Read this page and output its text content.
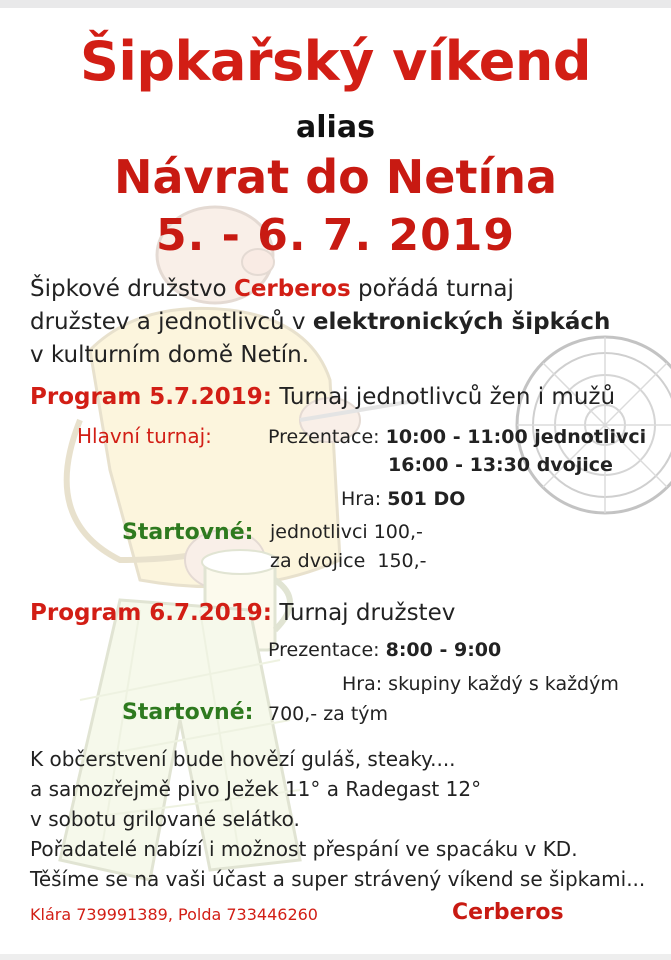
Šipkařský víkend
alias
Návrat do Netína
5. - 6. 7. 2019
Šipkové družstvo Cerberos pořádá turnaj
družstev a jednotlivců v elektronických šipkách
v kulturním domě Netín.
Program 5.7.2019: Turnaj jednotlivců žen i mužů
Hlavní turnaj:	Prezentace: 10:00 - 11:00 jednotlivci
16:00 - 13:30 dvojice
Hra: 501 DO
Startovné: jednotlivci 100,-
za dvojice  150,-
Program 6.7.2019: Turnaj družstev
Prezentace: 8:00 - 9:00
Hra: skupiny každý s každým
Startovné: 700,- za tým
K občerstvení bude hovězí guláš, steaky....
a samozřejmě pivo Ježek 11° a Radegast 12°
v sobotu grilované selátko.
Pořadatelé nabízí i možnost přespání ve spacáku v KD.
Těšíme se na vaši účast a super strávený víkend se šipkami...
Klára 739991389, Polda 733446260	Cerberos
